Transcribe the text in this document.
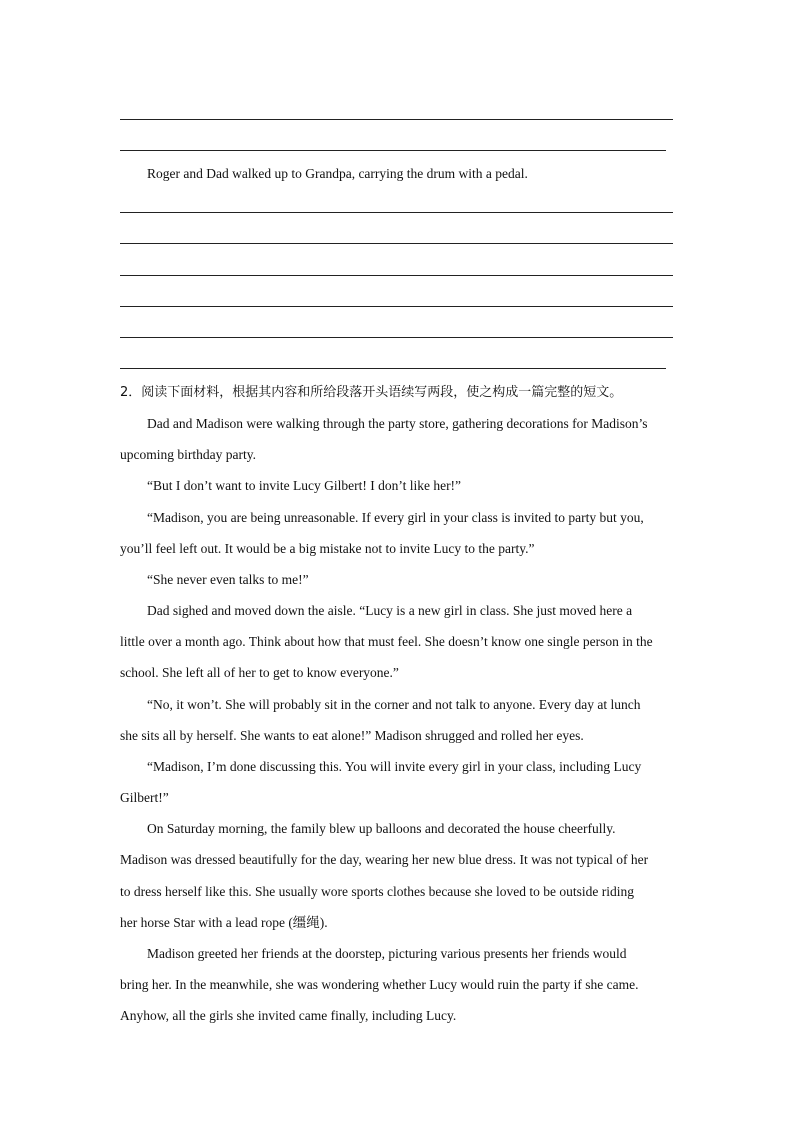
Roger and Dad walked up to Grandpa, carrying the drum with a pedal.
2．阅读下面材料，根据其内容和所给段落开头语续写两段，使之构成一篇完整的短文。
Dad and Madison were walking through the party store, gathering decorations for Madison’s
upcoming birthday party.
“But I don’t want to invite Lucy Gilbert! I don’t like her!”
“Madison, you are being unreasonable. If every girl in your class is invited to party but you,
you’ll feel left out. It would be a big mistake not to invite Lucy to the party.”
“She never even talks to me!”
Dad sighed and moved down the aisle. “Lucy is a new girl in class. She just moved here a
little over a month ago. Think about how that must feel. She doesn’t know one single person in the
school. She left all of her to get to know everyone.”
“No, it won’t. She will probably sit in the corner and not talk to anyone. Every day at lunch
she sits all by herself. She wants to eat alone!” Madison shrugged and rolled her eyes.
“Madison, I’m done discussing this. You will invite every girl in your class, including Lucy
Gilbert!”
On Saturday morning, the family blew up balloons and decorated the house cheerfully.
Madison was dressed beautifully for the day, wearing her new blue dress. It was not typical of her
to dress herself like this. She usually wore sports clothes because she loved to be outside riding
her horse Star with a lead rope (缰绳).
Madison greeted her friends at the doorstep, picturing various presents her friends would
bring her. In the meanwhile, she was wondering whether Lucy would ruin the party if she came.
Anyhow, all the girls she invited came finally, including Lucy.
